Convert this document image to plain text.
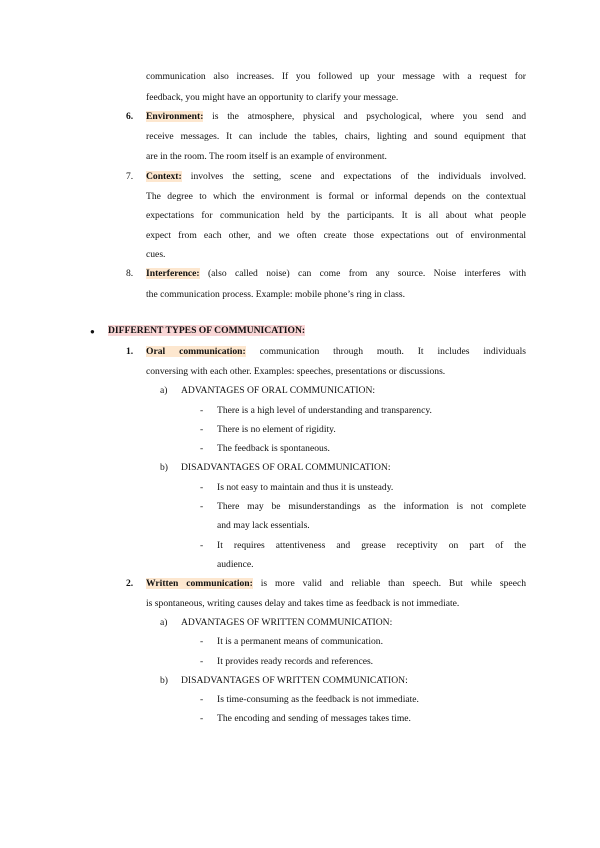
communication also increases. If you followed up your message with a request for
feedback, you might have an opportunity to clarify your message.
6. Environment: is the atmosphere, physical and psychological, where you send and
receive messages. It can include the tables, chairs, lighting and sound equipment that
are in the room. The room itself is an example of environment.
7. Context: involves the setting, scene and expectations of the individuals involved.
The degree to which the environment is formal or informal depends on the contextual
expectations for communication held by the participants. It is all about what people
expect from each other, and we often create those expectations out of environmental
cues.
8. Interference: (also called noise) can come from any source. Noise interferes with
the communication process. Example: mobile phone’s ring in class.
● DIFFERENT TYPES OF COMMUNICATION:
1. Oral communication: communication through mouth. It includes individuals
conversing with each other. Examples: speeches, presentations or discussions.
a) ADVANTAGES OF ORAL COMMUNICATION:
- There is a high level of understanding and transparency.
- There is no element of rigidity.
- The feedback is spontaneous.
b) DISADVANTAGES OF ORAL COMMUNICATION:
- Is not easy to maintain and thus it is unsteady.
- There may be misunderstandings as the information is not complete
and may lack essentials.
- It requires attentiveness and grease receptivity on part of the
audience.
2. Written communication: is more valid and reliable than speech. But while speech
is spontaneous, writing causes delay and takes time as feedback is not immediate.
a) ADVANTAGES OF WRITTEN COMMUNICATION:
- It is a permanent means of communication.
- It provides ready records and references.
b) DISADVANTAGES OF WRITTEN COMMUNICATION:
- Is time-consuming as the feedback is not immediate.
- The encoding and sending of messages takes time.
